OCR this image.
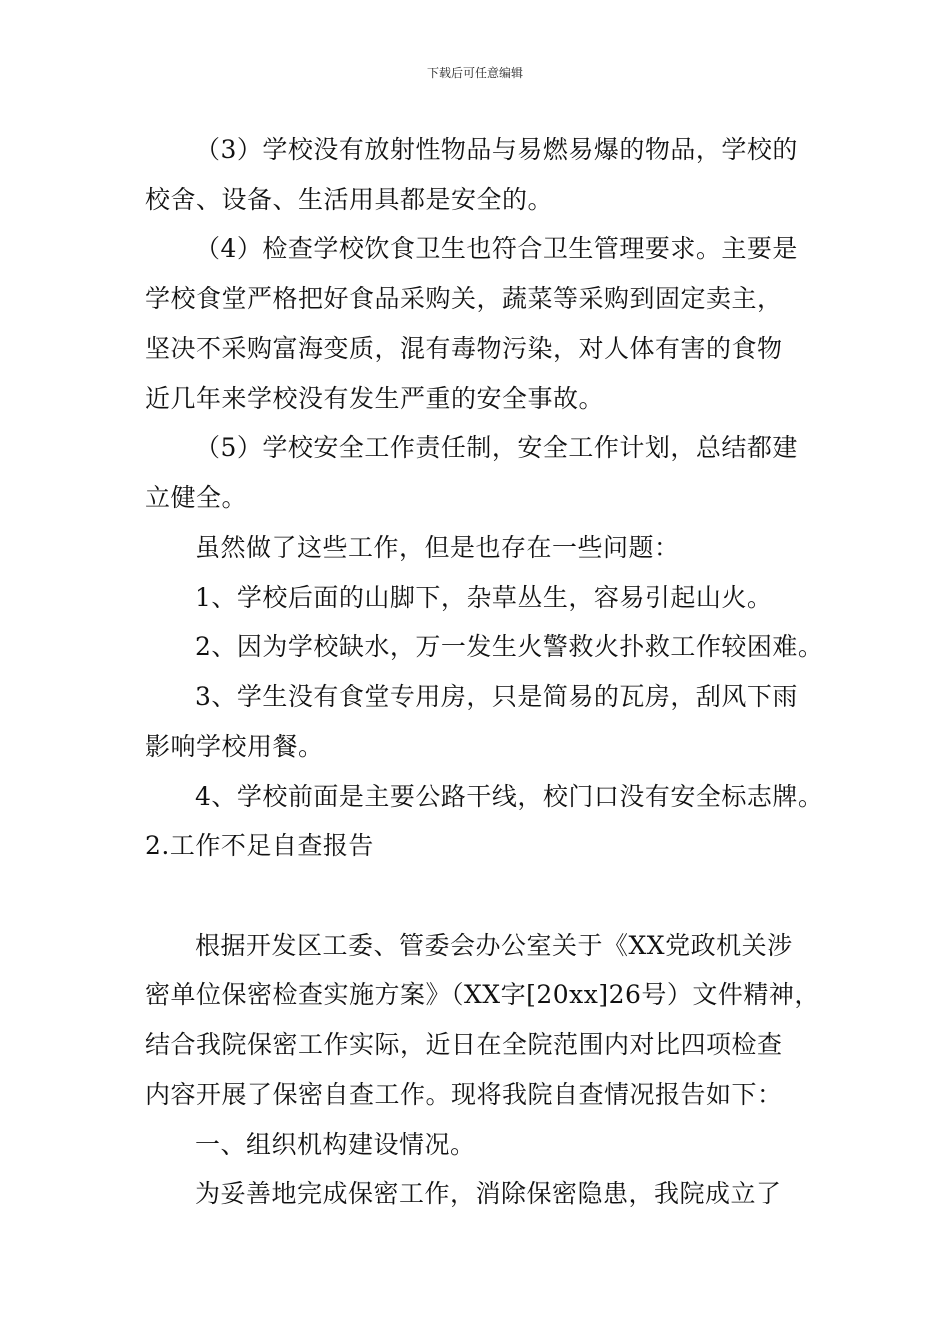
下载后可任意编辑
（3）学校没有放射性物品与易燃易爆的物品，学校的
校舍、设备、生活用具都是安全的。
（4）检查学校饮食卫生也符合卫生管理要求。主要是
学校食堂严格把好食品采购关，蔬菜等采购到固定卖主，
坚决不采购富海变质，混有毒物污染，对人体有害的食物
近几年来学校没有发生严重的安全事故。
（5）学校安全工作责任制，安全工作计划，总结都建
立健全。
虽然做了这些工作，但是也存在一些问题：
1、学校后面的山脚下，杂草丛生，容易引起山火。
2、因为学校缺水，万一发生火警救火扑救工作较困难。
3、学生没有食堂专用房，只是简易的瓦房，刮风下雨
影响学校用餐。
4、学校前面是主要公路干线，校门口没有安全标志牌。
2.工作不足自查报告
根据开发区工委、管委会办公室关于《XX党政机关涉
密单位保密检查实施方案》（XX字[20xx]26号）文件精神，
结合我院保密工作实际，近日在全院范围内对比四项检查
内容开展了保密自查工作。现将我院自查情况报告如下：
一、组织机构建设情况。
为妥善地完成保密工作，消除保密隐患，我院成立了
